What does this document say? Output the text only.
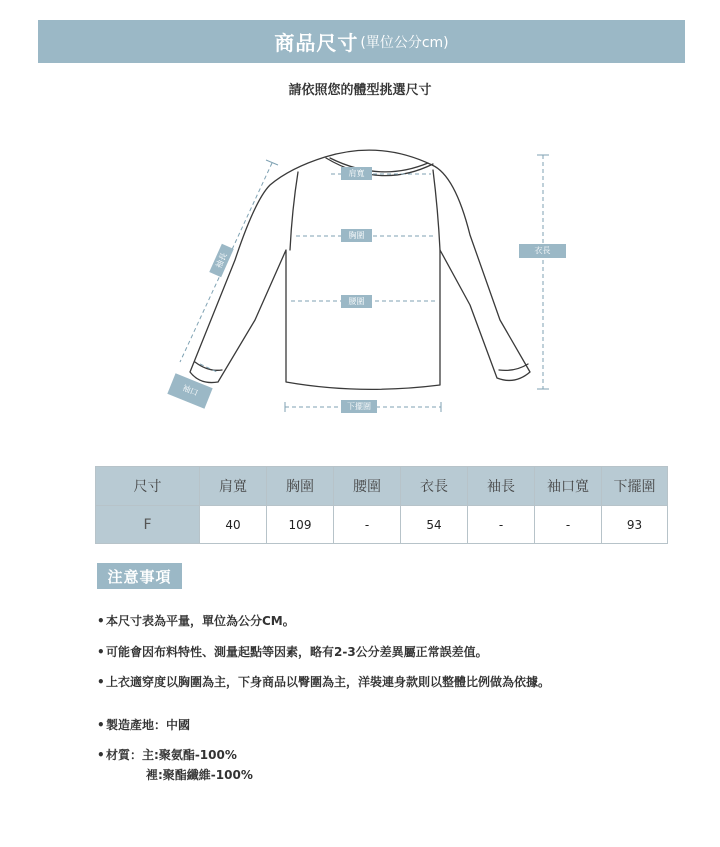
商品尺寸 (單位公分cm)
請依照您的體型挑選尺寸
肩寬
胸圍
腰圍
下擺圍
衣長
袖長
袖口
尺寸	肩寬	胸圍	腰圍	衣長	袖長	袖口寬	下擺圍
F	40	109	-	54	-	-	93
注意事項
•本尺寸表為平量，單位為公分CM。
•可能會因布料特性、測量起點等因素，略有2-3公分差異屬正常誤差值。
•上衣適穿度以胸圍為主，下身商品以臀圍為主，洋裝連身款則以整體比例做為依據。
•製造產地：中國
•材質：主:聚氨酯-100%
裡:聚酯纖維-100%
